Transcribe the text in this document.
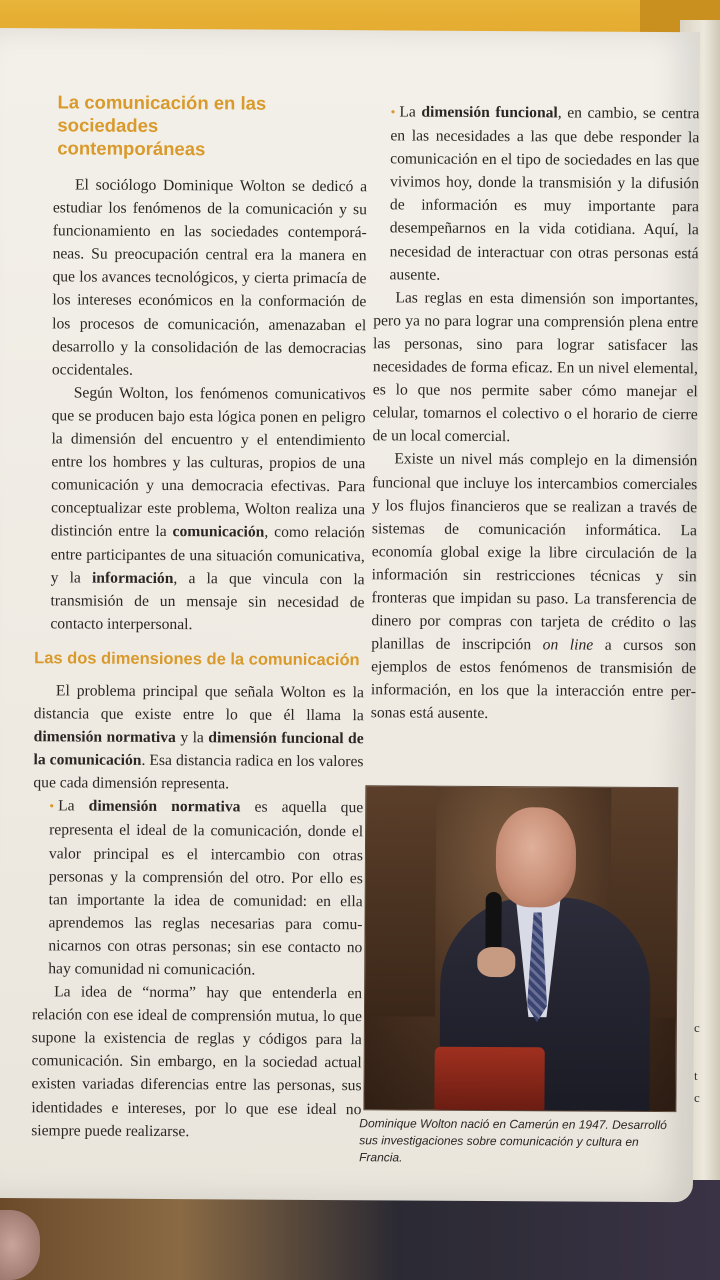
c
t
c
La comunicación en las sociedades
contemporáneas

El sociólogo Dominique Wolton se dedicó a estudiar los fenómenos de la comunicación y su funcionamiento en las sociedades contemporáneas. Su preocupación central era la manera en que los avances tecnológicos, y cierta primacía de los intereses económicos en la conformación de los procesos de comunicación, amenazaban el desarrollo y la consolidación de las democracias occidentales.

Según Wolton, los fenómenos comunicativos que se producen bajo esta lógica ponen en peligro la dimensión del encuentro y el entendimiento entre los hombres y las culturas, propios de una comunicación y una democracia efectivas. Para conceptualizar este problema, Wolton realiza una distinción entre la comunicación, como relación entre participantes de una situación comunicativa, y la información, a la que vincula con la transmisión de un mensaje sin necesidad de contacto interpersonal.

Las dos dimensiones de la comunicación

El problema principal que señala Wolton es la distancia que existe entre lo que él llama la dimensión normativa y la dimensión funcional de la comunicación. Esa distancia radica en los valores que cada dimensión representa.

• La dimensión normativa es aquella que representa el ideal de la comunicación, donde el valor principal es el intercambio con otras personas y la comprensión del otro. Por ello es tan importante la idea de comunidad: en ella aprendemos las reglas necesarias para comunicarnos con otras personas; sin ese contacto no hay comunidad ni comunicación.

La idea de “norma” hay que entenderla en relación con ese ideal de comprensión mutua, lo que supone la existencia de reglas y códigos para la comunicación. Sin embargo, en la sociedad actual existen variadas diferencias entre las personas, sus identidades e intereses, por lo que ese ideal no siempre puede realizarse.

• La dimensión funcional, en cambio, se centra en las necesidades a las que debe responder la comunicación en el tipo de sociedades en las que vivimos hoy, donde la transmisión y la difusión de información es muy importante para desempeñarnos en la vida cotidiana. Aquí, la necesidad de interactuar con otras personas está ausente.

Las reglas en esta dimensión son importantes, pero ya no para lograr una comprensión plena entre las personas, sino para lograr satisfacer las necesidades de forma eficaz. En un nivel elemental, es lo que nos permite saber cómo manejar el celular, tomarnos el colectivo o el horario de cierre de un local comercial.

Existe un nivel más complejo en la dimensión funcional que incluye los intercambios comerciales y los flujos financieros que se realizan a través de sistemas de comunicación informática. La economía global exige la libre circulación de la información sin restricciones técnicas y sin fronteras que impidan su paso. La transferencia de dinero por compras con tarjeta de crédito o las planillas de inscripción on line a cursos son ejemplos de estos fenómenos de transmisión de información, en los que la interacción entre personas está ausente.

Dominique Wolton nació en Camerún en 1947. Desarrolló sus investigaciones sobre comunicación y cultura en Francia.
